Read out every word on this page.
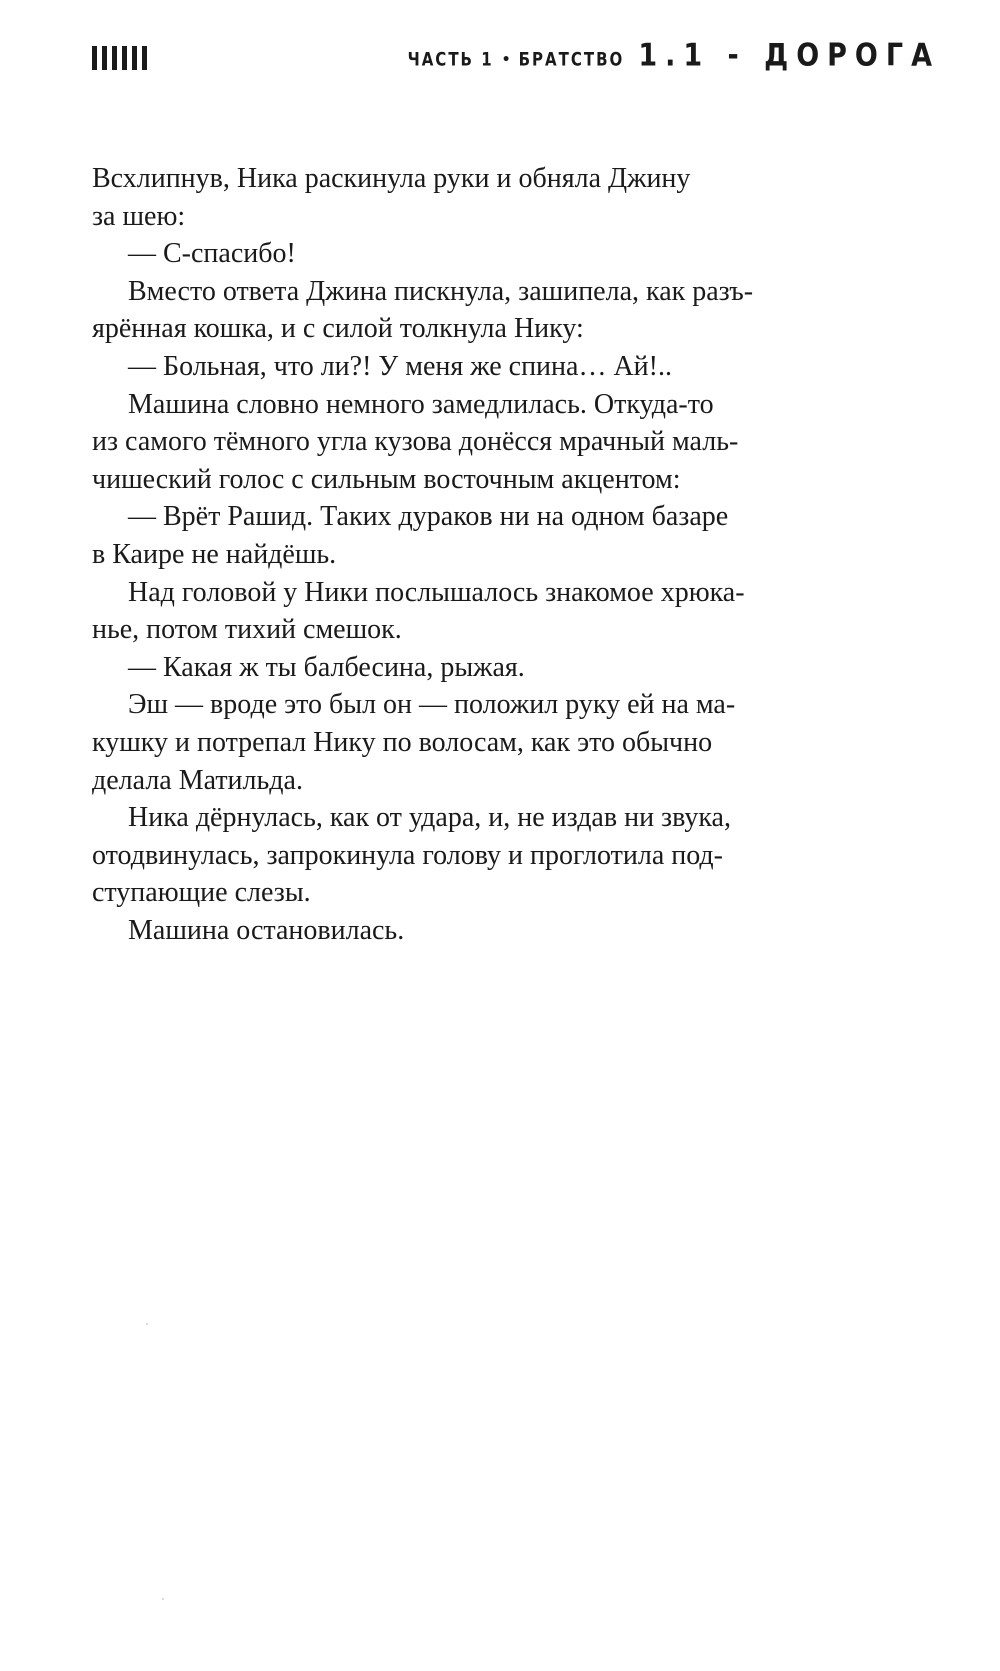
ЧАСТЬ 1 • БРАТСТВО 1.1 - ДОРОГА

Всхлипнув, Ника раскинула руки и обняла Джину
за шею:

— С-спасибо!

Вместо ответа Джина пискнула, зашипела, как разъ-
ярённая кошка, и с силой толкнула Нику:

— Больная, что ли?! У меня же спина… Ай!..

Машина словно немного замедлилась. Откуда-то
из самого тёмного угла кузова донёсся мрачный маль-
чишеский голос с сильным восточным акцентом:

— Врёт Рашид. Таких дураков ни на одном базаре
в Каире не найдёшь.

Над головой у Ники послышалось знакомое хрюка-
нье, потом тихий смешок.

— Какая ж ты балбесина, рыжая.

Эш — вроде это был он — положил руку ей на ма-
кушку и потрепал Нику по волосам, как это обычно
делала Матильда.

Ника дёрнулась, как от удара, и, не издав ни звука,
отодвинулась, запрокинула голову и проглотила под-
ступающие слезы.

Машина остановилась.
